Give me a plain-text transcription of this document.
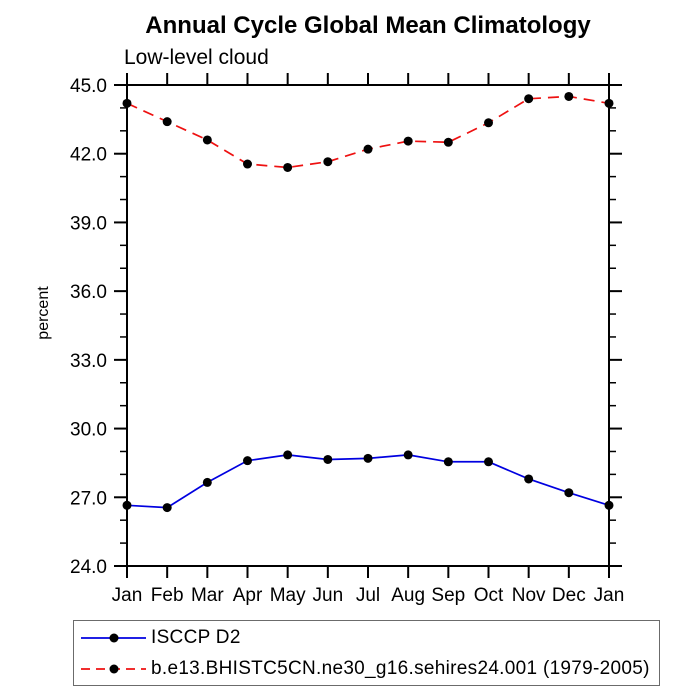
Annual Cycle Global Mean Climatology
Low-level cloud
percent
24.0
27.0
30.0
33.0
36.0
39.0
42.0
45.0
Jan Feb Mar Apr May Jun Jul Aug Sep Oct Nov Dec Jan
ISCCP D2
b.e13.BHISTC5CN.ne30_g16.sehires24.001 (1979-2005)
